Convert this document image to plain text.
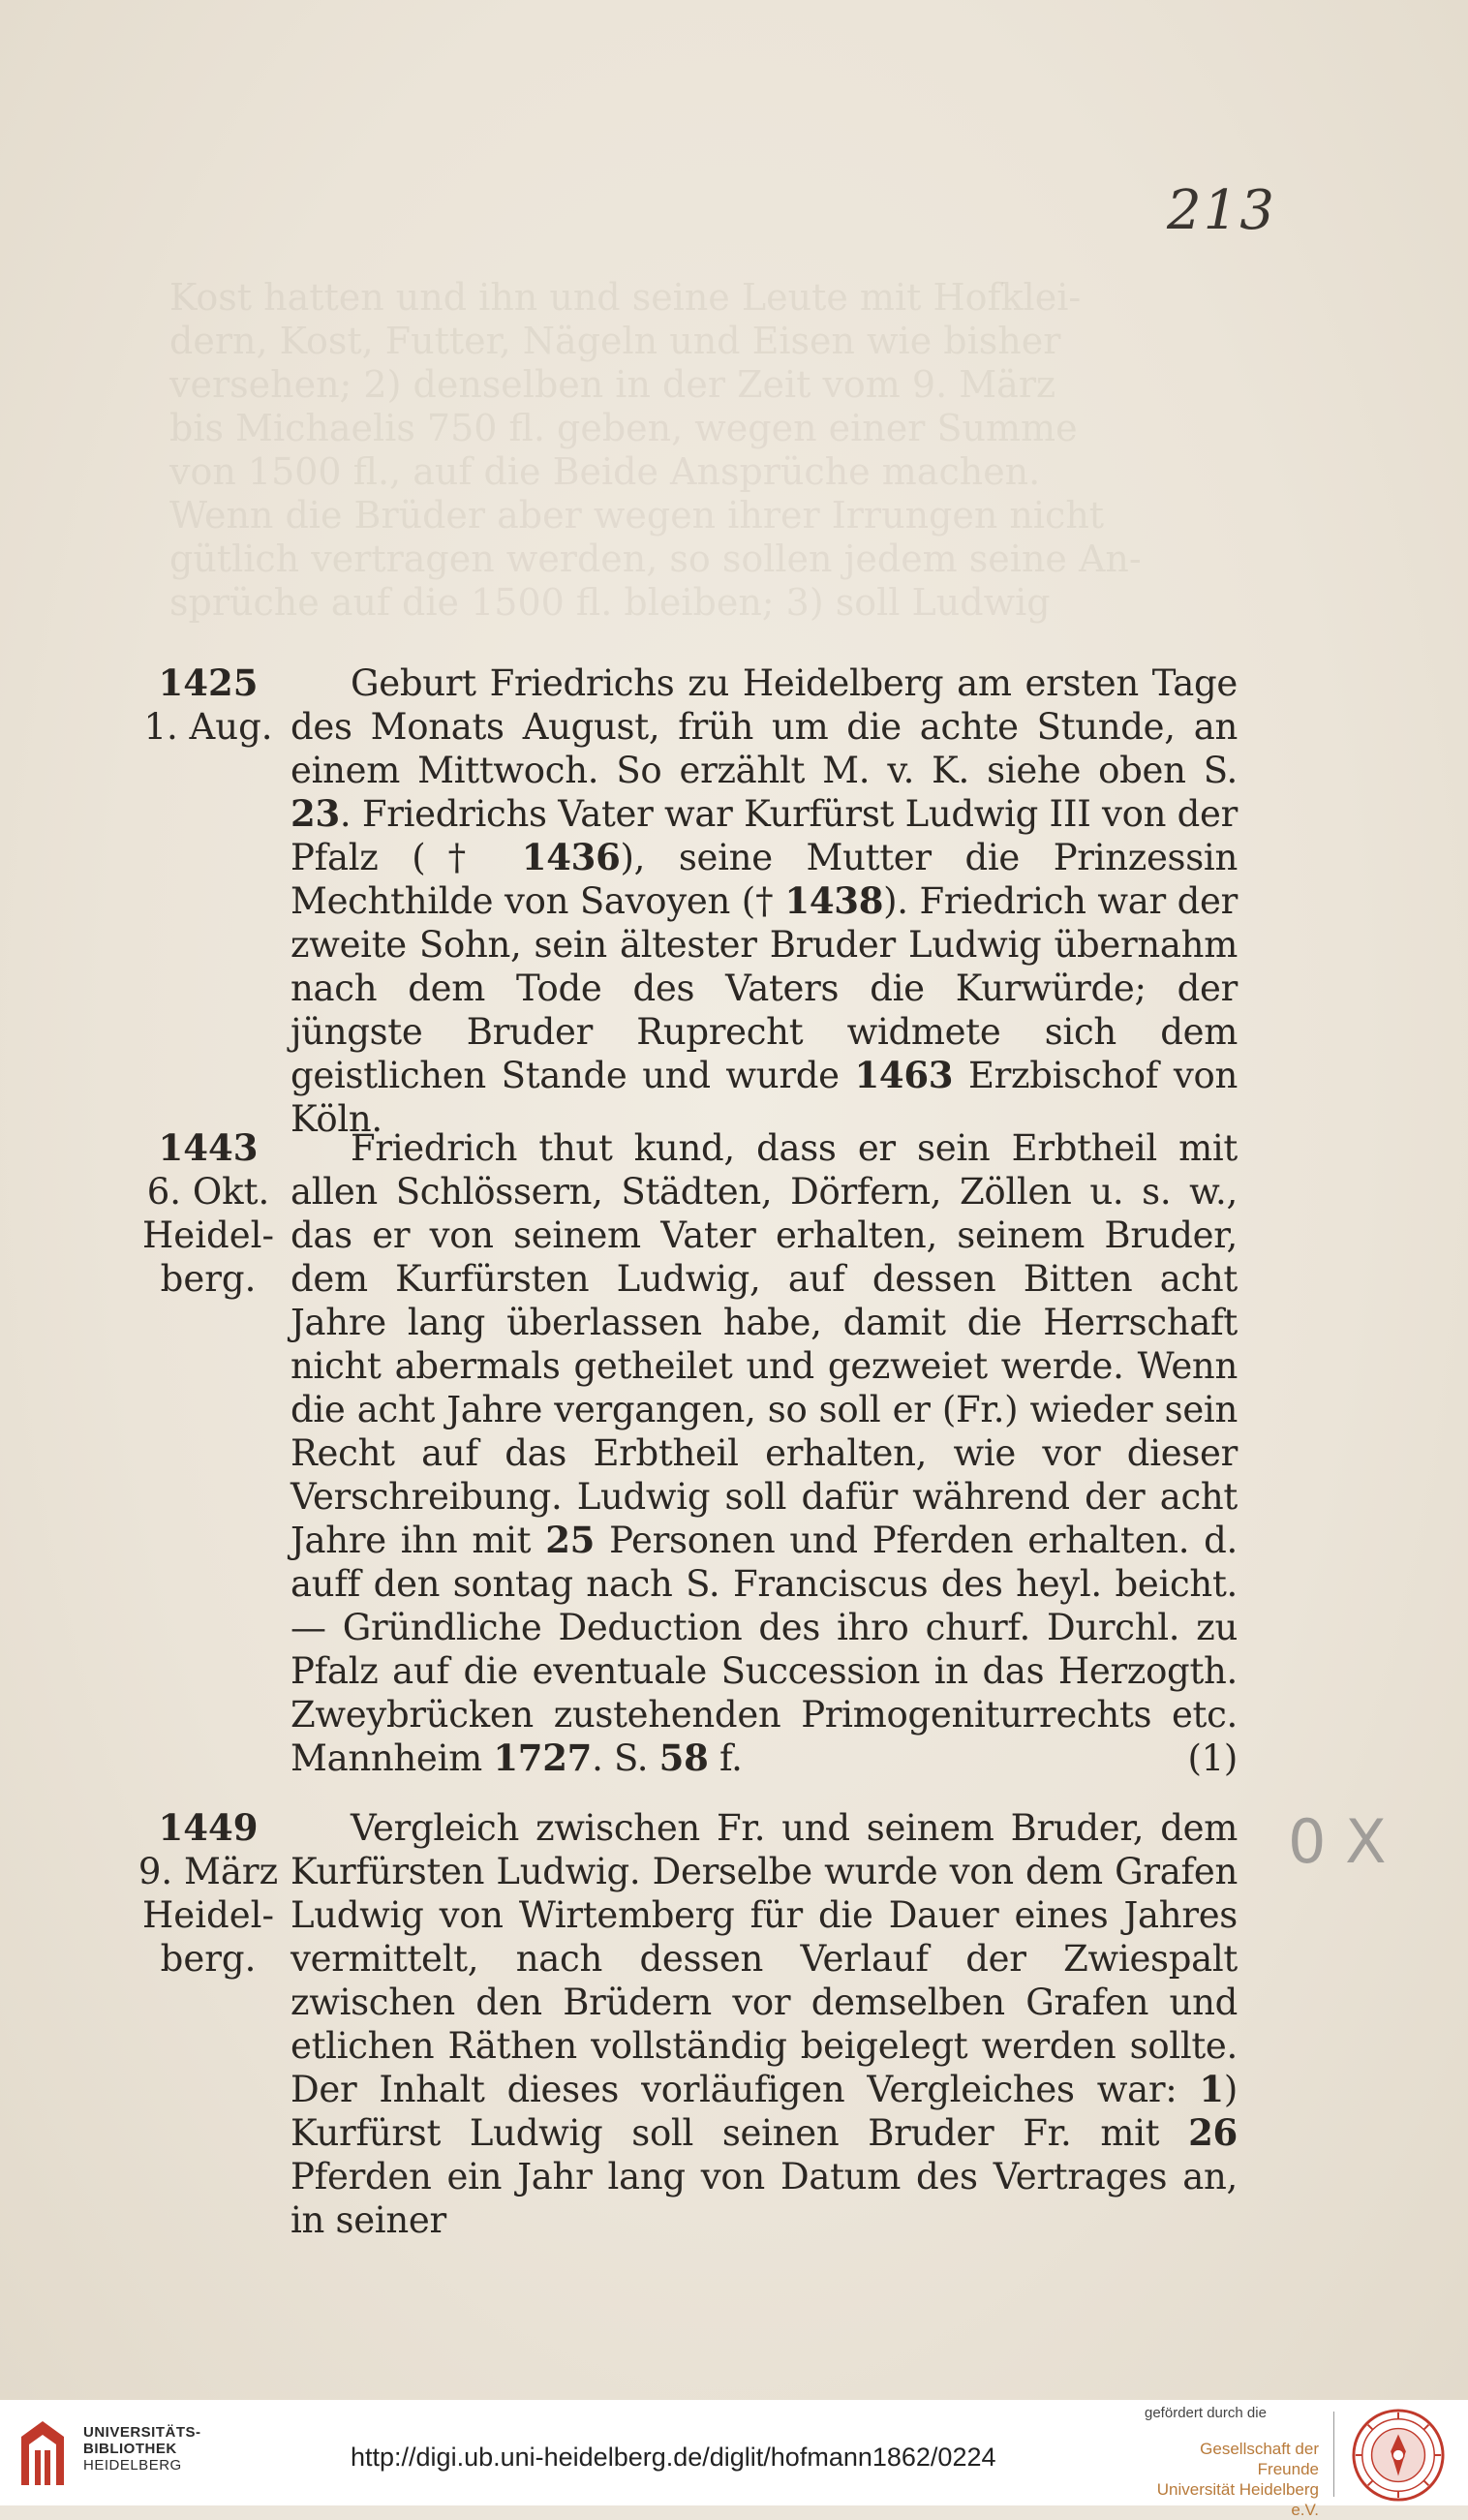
Kost hatten und ihn und seine Leute mit Hofklei-
dern, Kost, Futter, Nägeln und Eisen wie bisher
versehen; 2) denselben in der Zeit vom 9. März
bis Michaelis 750 fl. geben, wegen einer Summe
von 1500 fl., auf die Beide Ansprüche machen.
Wenn die Brüder aber wegen ihrer Irrungen nicht
gütlich vertragen werden, so sollen jedem seine An-
sprüche auf die 1500 fl. bleiben; 3) soll Ludwig
213
1425
1. Aug.
Geburt Friedrichs zu Heidelberg am ersten Tage des Monats August, früh um die achte Stunde, an einem Mittwoch. So erzählt M. v. K. siehe oben S. 23. Friedrichs Vater war Kurfürst Ludwig III von der Pfalz († 1436), seine Mutter die Prinzessin Mechthilde von Savoyen († 1438). Friedrich war der zweite Sohn, sein ältester Bruder Ludwig übernahm nach dem Tode des Vaters die Kurwürde; der jüngste Bruder Ruprecht widmete sich dem geistlichen Stande und wurde 1463 Erzbischof von Köln.
1443
6. Okt.
Heidel-
berg.
Friedrich thut kund, dass er sein Erbtheil mit allen Schlössern, Städten, Dörfern, Zöllen u. s. w., das er von seinem Vater erhalten, seinem Bruder, dem Kurfürsten Ludwig, auf dessen Bitten acht Jahre lang überlassen habe, damit die Herrschaft nicht abermals getheilet und gezweiet werde. Wenn die acht Jahre vergangen, so soll er (Fr.) wieder sein Recht auf das Erbtheil erhalten, wie vor dieser Verschreibung. Ludwig soll dafür während der acht Jahre ihn mit 25 Personen und Pferden erhalten. d. auff den sontag nach S. Franciscus des heyl. beicht. — Gründliche Deduction des ihro churf. Durchl. zu Pfalz auf die eventuale Succession in das Herzogth. Zweybrücken zustehenden Primogeniturrechts etc. Mannheim 1727. S. 58 f.	(1)
1449
9. März
Heidel-
berg.
Vergleich zwischen Fr. und seinem Bruder, dem Kurfürsten Ludwig. Derselbe wurde von dem Grafen Ludwig von Wirtemberg für die Dauer eines Jahres vermittelt, nach dessen Verlauf der Zwiespalt zwischen den Brüdern vor demselben Grafen und etlichen Räthen vollständig beigelegt werden sollte. Der Inhalt dieses vorläufigen Vergleiches war: 1) Kurfürst Ludwig soll seinen Bruder Fr. mit 26 Pferden ein Jahr lang von Datum des Vertrages an, in seiner
0 X
UNIVERSITÄTS-
BIBLIOTHEK
HEIDELBERG	http://digi.ub.uni-heidelberg.de/diglit/hofmann1862/0224
gefördert durch die
Gesellschaft der Freunde
Universität Heidelberg e.V.
